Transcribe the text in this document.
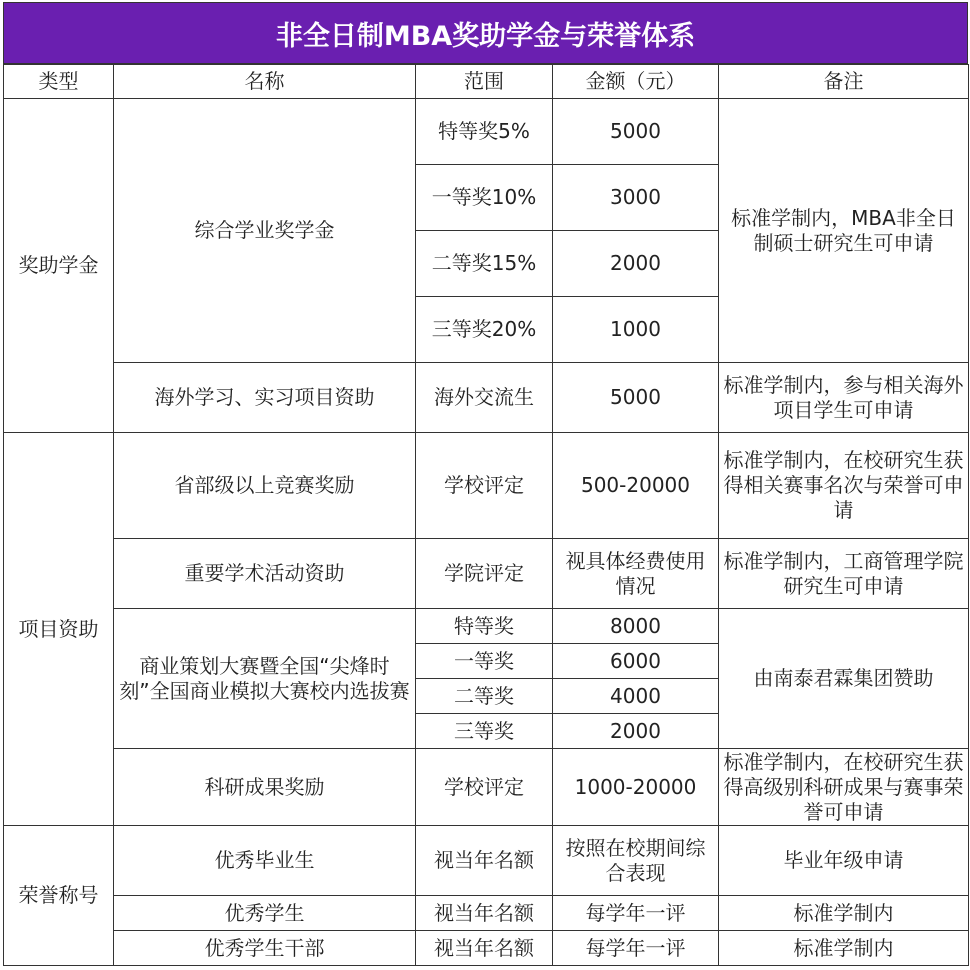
非全日制MBA奖助学金与荣誉体系
类型	名称	范围	金额（元）	备注
奖助学金	综合学业奖学金	特等奖5%	5000	标准学制内，MBA非全日制硕士研究生可申请
		一等奖10%	3000	
		二等奖15%	2000	
		三等奖20%	1000	
	海外学习、实习项目资助	海外交流生	5000	标准学制内，参与相关海外项目学生可申请
项目资助	省部级以上竞赛奖励	学校评定	500-20000	标准学制内，在校研究生获得相关赛事名次与荣誉可申请
	重要学术活动资助	学院评定	视具体经费使用情况	标准学制内，工商管理学院研究生可申请
	商业策划大赛暨全国“尖烽时刻”全国商业模拟大赛校内选拔赛	特等奖	8000	由南泰君霖集团赞助
		一等奖	6000	
		二等奖	4000	
		三等奖	2000	
	科研成果奖励	学校评定	1000-20000	标准学制内，在校研究生获得高级别科研成果与赛事荣誉可申请
荣誉称号	优秀毕业生	视当年名额	按照在校期间综合表现	毕业年级申请
	优秀学生	视当年名额	每学年一评	标准学制内
	优秀学生干部	视当年名额	每学年一评	标准学制内
